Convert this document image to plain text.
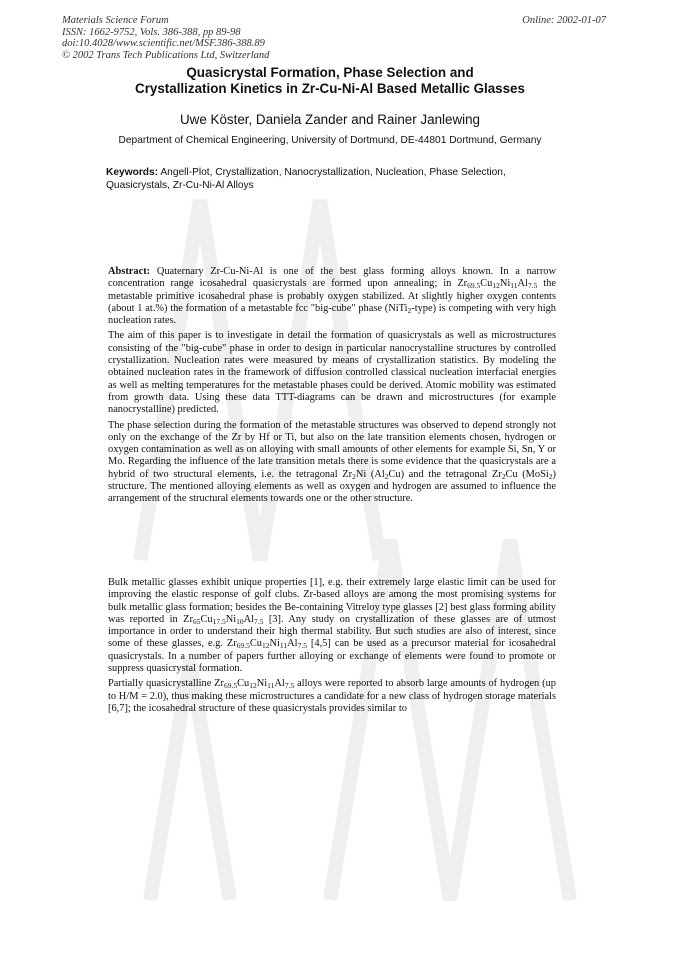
Materials Science Forum
ISSN: 1662-9752, Vols. 386-388, pp 89-98
doi:10.4028/www.scientific.net/MSF.386-388.89
© 2002 Trans Tech Publications Ltd, Switzerland
Online: 2002-01-07
Quasicrystal Formation, Phase Selection and
Crystallization Kinetics in Zr-Cu-Ni-Al Based Metallic Glasses
Uwe Köster, Daniela Zander and Rainer Janlewing
Department of Chemical Engineering, University of Dortmund, DE-44801 Dortmund, Germany
Keywords: Angell-Plot, Crystallization, Nanocrystallization, Nucleation, Phase Selection, Quasicrystals, Zr-Cu-Ni-Al Alloys

Abstract: Quaternary Zr-Cu-Ni-Al is one of the best glass forming alloys known. In a narrow concentration range icosahedral quasicrystals are formed upon annealing; in $Zr_{69.5}Cu_{12}Ni_{11}Al_{7.5}$ the metastable primitive icosahedral phase is probably oxygen stabilized. At slightly higher oxygen contents (about 1 at.%) the formation of a metastable fcc "big-cube" phase (NiTi$_2$-type) is competing with very high nucleation rates.

The aim of this paper is to investigate in detail the formation of quasicrystals as well as microstructures consisting of the "big-cube" phase in order to design in particular nanocrystalline structures by controlled crystallization. Nucleation rates were measured by means of crystallization statistics. By modeling the obtained nucleation rates in the framework of diffusion controlled classical nucleation interfacial energies as well as melting temperatures for the metastable phases could be derived. Atomic mobility was estimated from growth data. Using these data TTT-diagrams can be drawn and microstructures (for example nanocrystalline) predicted.

The phase selection during the formation of the metastable structures was observed to depend strongly not only on the exchange of the Zr by Hf or Ti, but also on the late transition elements chosen, hydrogen or oxygen contamination as well as on alloying with small amounts of other elements for example Si, Sn, Y or Mo. Regarding the influence of the late transition metals there is some evidence that the quasicrystals are a hybrid of two structural elements, i.e. the tetragonal $Zr_2Ni$ $(Al_2Cu)$ and the tetragonal $Zr_2Cu$ (MoSi$_2$) structure. The mentioned alloying elements as well as oxygen and hydrogen are assumed to influence the arrangement of the structural elements towards one or the other structure.

Bulk metallic glasses exhibit unique properties [1], e.g. their extremely large elastic limit can be used for improving the elastic response of golf clubs. Zr-based alloys are among the most promising systems for bulk metallic glass formation; besides the Be-containing Vitreloy type glasses [2] best glass forming ability was reported in $Zr_{65}Cu_{17.5}Ni_{10}Al_{7.5}$ [3]. Any study on crystallization of these glasses are of utmost importance in order to understand their high thermal stability. But such studies are also of interest, since some of these glasses, e.g. $Zr_{69.5}Cu_{12}Ni_{11}Al_{7.5}$ [4,5] can be used as a precursor material for icosahedral quasicrystals. In a number of papers further alloying or exchange of elements were found to promote or suppress quasicrystal formation.

Partially quasicrystalline $Zr_{69.5}Cu_{12}Ni_{11}Al_{7.5}$ alloys were reported to absorb large amounts of hydrogen (up to H/M = 2.0), thus making these microstructures a candidate for a new class of hydrogen storage materials [6,7]; the icosahedral structure of these quasicrystals provides similar to
